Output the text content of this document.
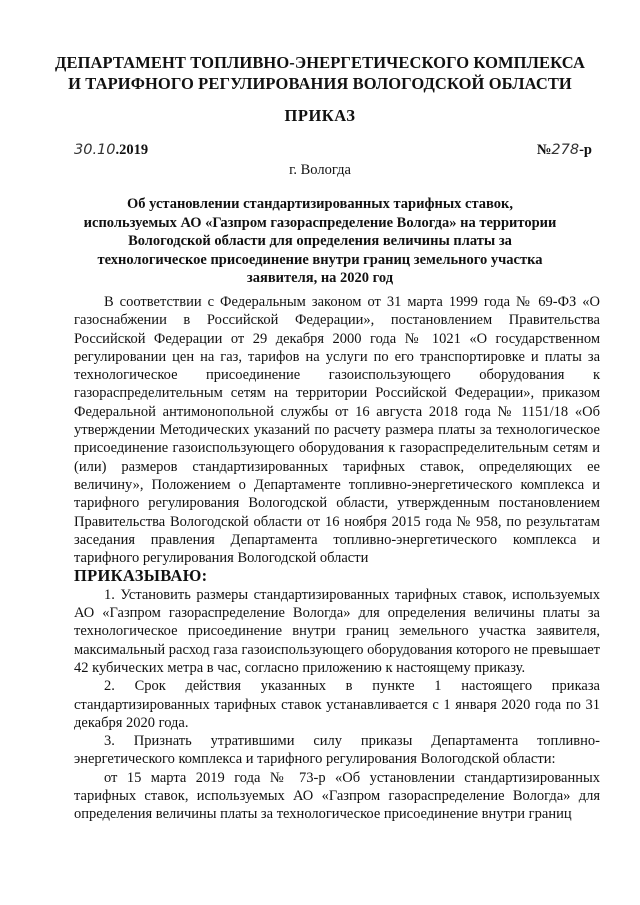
ДЕПАРТАМЕНТ ТОПЛИВНО-ЭНЕРГЕТИЧЕСКОГО КОМПЛЕКСА
И ТАРИФНОГО РЕГУЛИРОВАНИЯ ВОЛОГОДСКОЙ ОБЛАСТИ
ПРИКАЗ
30.10.2019	№278-р
г. Вологда
Об установлении стандартизированных тарифных ставок,
используемых АО «Газпром газораспределение Вологда» на территории
Вологодской области для определения величины платы за
технологическое присоединение внутри границ земельного участка
заявителя, на 2020 год

В соответствии с Федеральным законом от 31 марта 1999 года № 69-ФЗ «О газоснабжении в Российской Федерации», постановлением Правительства Российской Федерации от 29 декабря 2000 года № 1021 «О государственном регулировании цен на газ, тарифов на услуги по его транспортировке и платы за технологическое присоединение газоиспользующего оборудования к газораспределительным сетям на территории Российской Федерации», приказом Федеральной антимонопольной службы от 16 августа 2018 года № 1151/18 «Об утверждении Методических указаний по расчету размера платы за технологическое присоединение газоиспользующего оборудования к газораспределительным сетям и (или) размеров стандартизированных тарифных ставок, определяющих ее величину», Положением о Департаменте топливно-энергетического комплекса и тарифного регулирования Вологодской области, утвержденным постановлением Правительства Вологодской области от 16 ноября 2015 года № 958, по результатам заседания правления Департамента топливно-энергетического комплекса и тарифного регулирования Вологодской области

ПРИКАЗЫВАЮ:

1. Установить размеры стандартизированных тарифных ставок, используемых АО «Газпром газораспределение Вологда» для определения величины платы за технологическое присоединение внутри границ земельного участка заявителя, максимальный расход газа газоиспользующего оборудования которого не превышает 42 кубических метра в час, согласно приложению к настоящему приказу.

2. Срок действия указанных в пункте 1 настоящего приказа стандартизированных тарифных ставок устанавливается с 1 января 2020 года по 31 декабря 2020 года.

3. Признать утратившими силу приказы Департамента топливно-энергетического комплекса и тарифного регулирования Вологодской области:

от 15 марта 2019 года № 73-р «Об установлении стандартизированных тарифных ставок, используемых АО «Газпром газораспределение Вологда» для определения величины платы за технологическое присоединение внутри границ
